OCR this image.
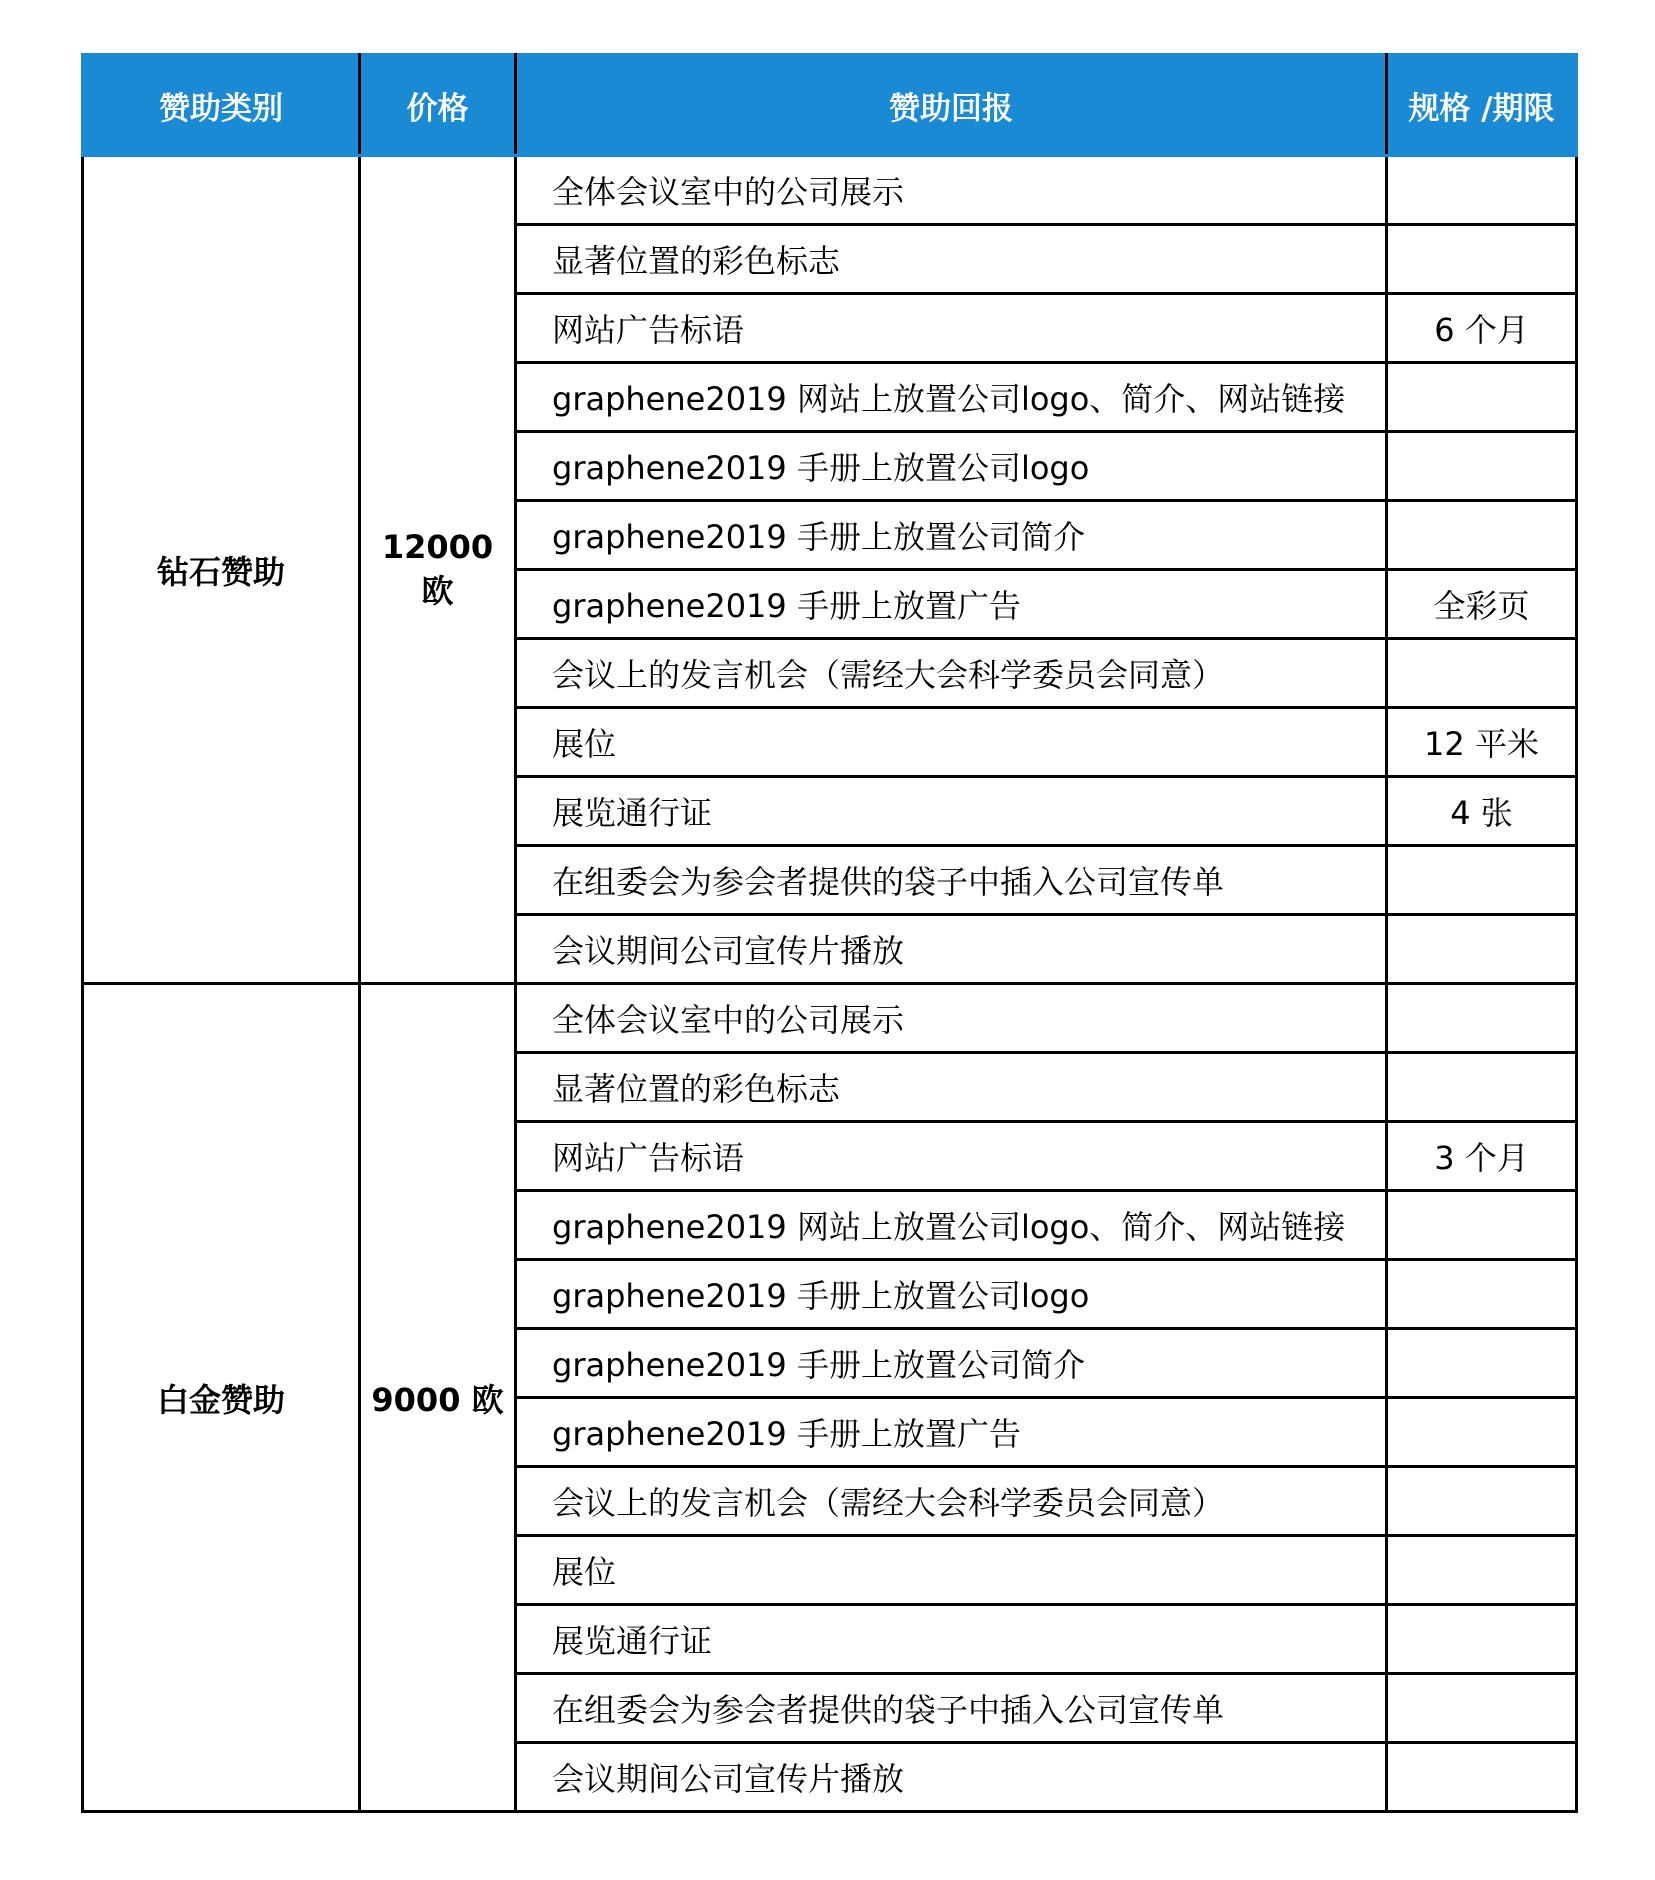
赞助类别	价格	赞助回报	规格 /期限
钻石赞助	12000 欧	全体会议室中的公司展示	
		显著位置的彩色标志	
		网站广告标语	6 个月
		graphene2019 网站上放置公司logo、简介、网站链接	
		graphene2019 手册上放置公司logo	
		graphene2019 手册上放置公司简介	
		graphene2019 手册上放置广告	全彩页
		会议上的发言机会（需经大会科学委员会同意）	
		展位	12 平米
		展览通行证	4 张
		在组委会为参会者提供的袋子中插入公司宣传单	
		会议期间公司宣传片播放	
白金赞助	9000 欧	全体会议室中的公司展示	
		显著位置的彩色标志	
		网站广告标语	3 个月
		graphene2019 网站上放置公司logo、简介、网站链接	
		graphene2019 手册上放置公司logo	
		graphene2019 手册上放置公司简介	
		graphene2019 手册上放置广告	
		会议上的发言机会（需经大会科学委员会同意）	
		展位	
		展览通行证	
		在组委会为参会者提供的袋子中插入公司宣传单	
		会议期间公司宣传片播放	
